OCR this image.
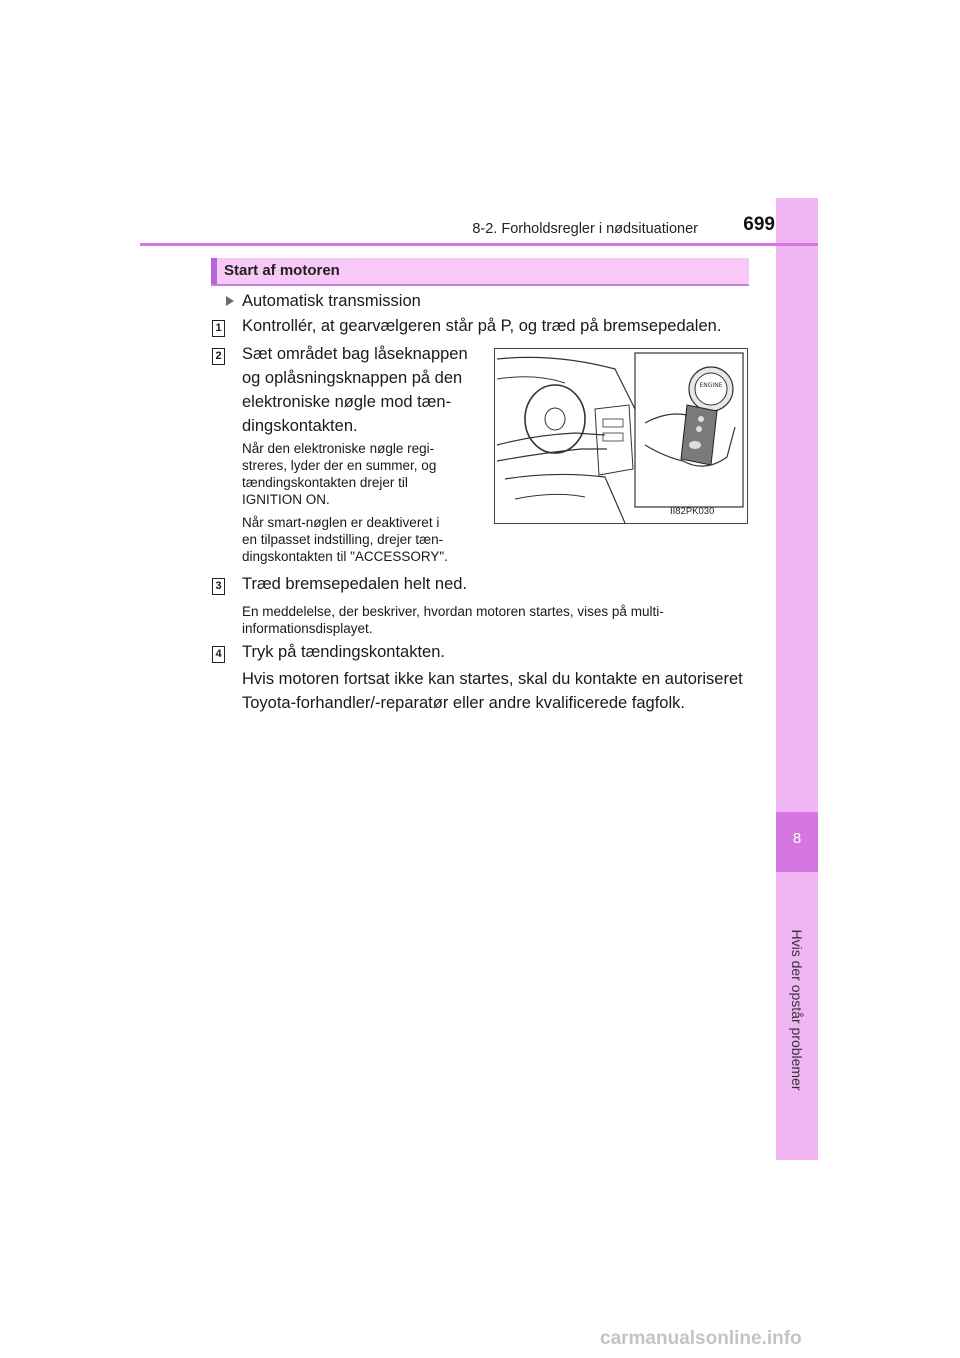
8
Hvis der opstår problemer
8-2. Forholdsregler i nødsituationer	699
Start af motoren
Automatisk transmission
1 Kontrollér, at gearvælgeren står på P, og træd på bremsepedalen.
2 Sæt området bag låseknappen
og oplåsningsknappen på den
elektroniske nøgle mod tæn-
dingskontakten.
Når den elektroniske nøgle regi-
streres, lyder der en summer, og
tændingskontakten drejer til
IGNITION ON.
Når smart-nøglen er deaktiveret i
en tilpasset indstilling, drejer tæn-
dingskontakten til "ACCESSORY".
ENGINE
II82PK030
3 Træd bremsepedalen helt ned.
En meddelelse, der beskriver, hvordan motoren startes, vises på multi-
informationsdisplayet.
4 Tryk på tændingskontakten.
Hvis motoren fortsat ikke kan startes, skal du kontakte en autoriseret
Toyota-forhandler/-reparatør eller andre kvalificerede fagfolk.
carmanualsonline.info
